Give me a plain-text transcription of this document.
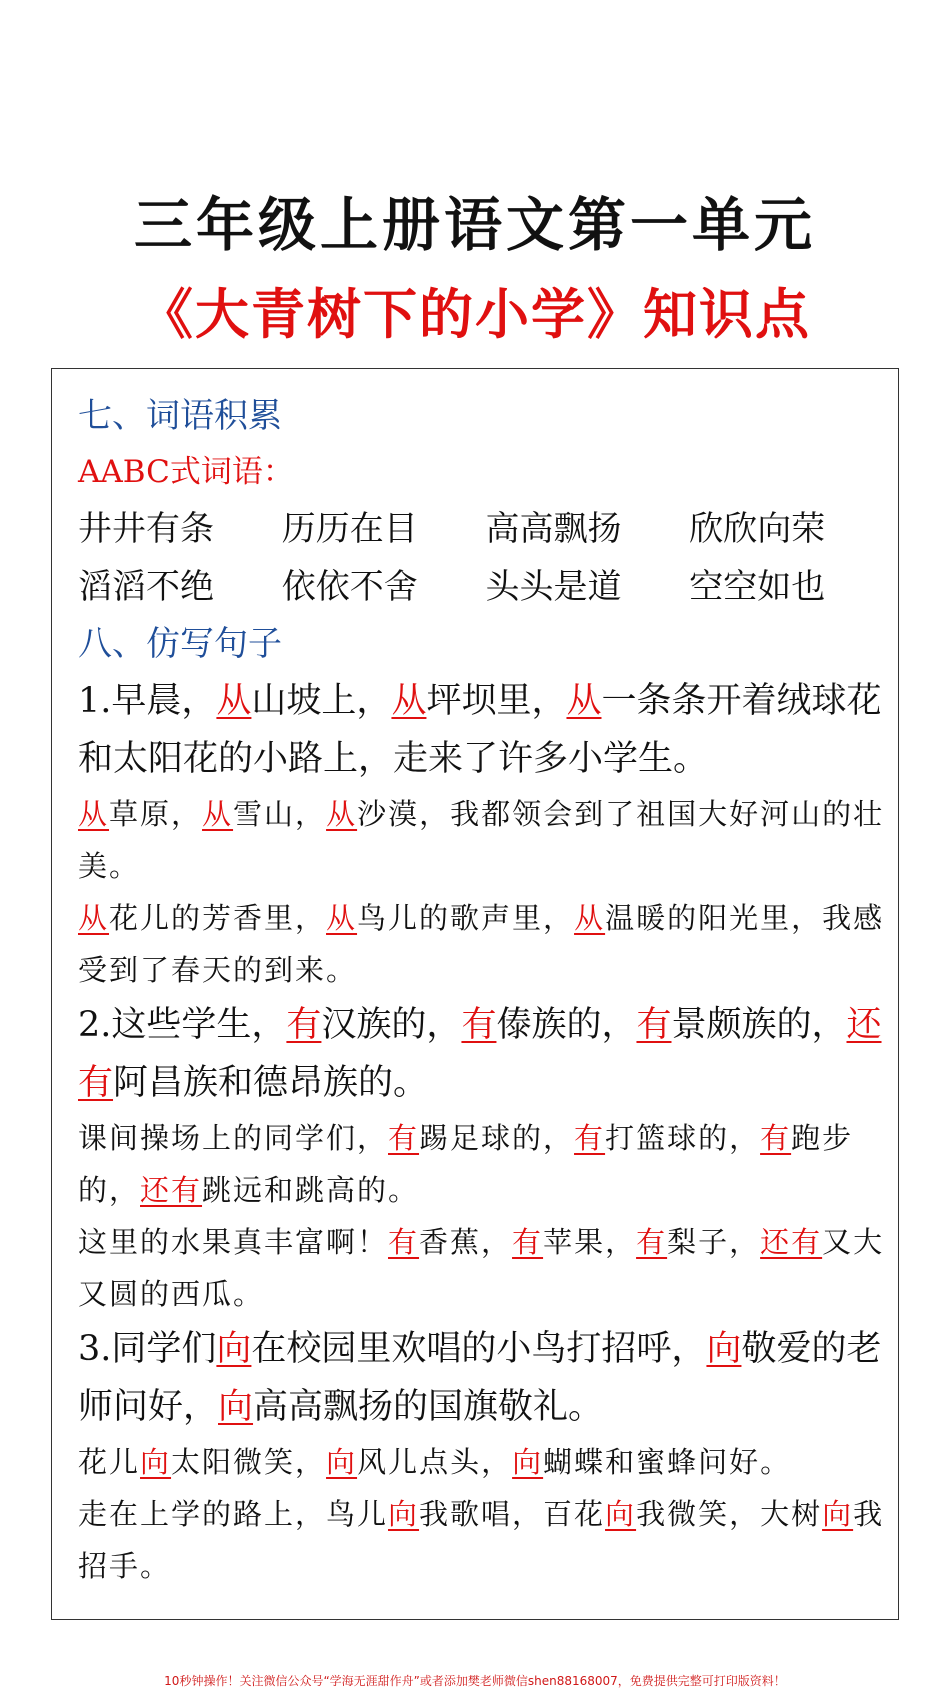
三年级上册语文第一单元
《大青树下的小学》知识点
七、词语积累
AABC式词语：
井井有条	历历在目	高高飘扬	欣欣向荣
滔滔不绝	依依不舍	头头是道	空空如也
八、仿写句子

1.早晨，从山坡上，从坪坝里，从一条条开着绒球花和太阳花的小路上，走来了许多小学生。

从草原，从雪山，从沙漠，我都领会到了祖国大好河山的壮美。

从花儿的芳香里，从鸟儿的歌声里，从温暖的阳光里，我感受到了春天的到来。

2.这些学生，有汉族的，有傣族的，有景颇族的，还有阿昌族和德昂族的。

课间操场上的同学们，有踢足球的，有打篮球的，有跑步的，还有跳远和跳高的。

这里的水果真丰富啊！有香蕉，有苹果，有梨子，还有又大又圆的西瓜。

3.同学们向在校园里欢唱的小鸟打招呼，向敬爱的老师问好，向高高飘扬的国旗敬礼。

花儿向太阳微笑，向风儿点头，向蝴蝶和蜜蜂问好。

走在上学的路上，鸟儿向我歌唱，百花向我微笑，大树向我招手。

10秒钟操作！关注微信公众号“学海无涯甜作舟”或者添加樊老师微信shen88168007，免费提供完整可打印版资料！
